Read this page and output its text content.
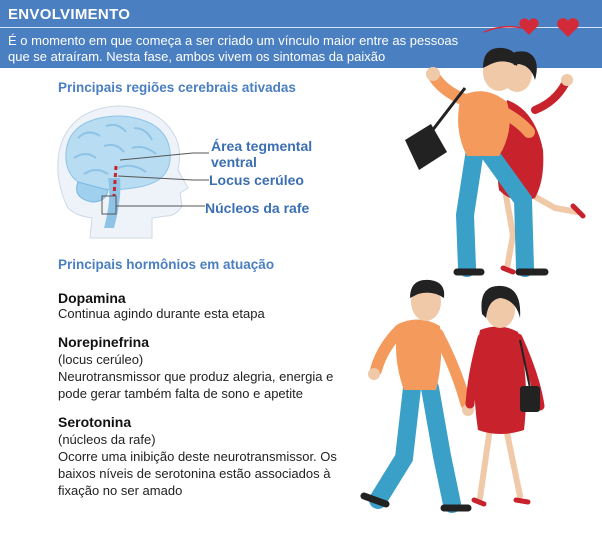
ENVOLVIMENTO
É o momento em que começa a ser criado um vínculo maior entre as pessoas que se atraíram. Nesta fase, ambos vivem os sintomas da paixão
Principais regiões cerebrais ativadas
Área tegmental ventral
Locus cerúleo
Núcleos da rafe
Principais hormônios em atuação
Dopamina
Continua agindo durante esta etapa
Norepinefrina
(locus cerúleo)
Neurotransmissor que produz alegria, energia e
pode gerar também falta de sono e apetite
Serotonina
(núcleos da rafe)
Ocorre uma inibição deste neurotransmissor. Os
baixos níveis de serotonina estão associados à
fixação no ser amado
